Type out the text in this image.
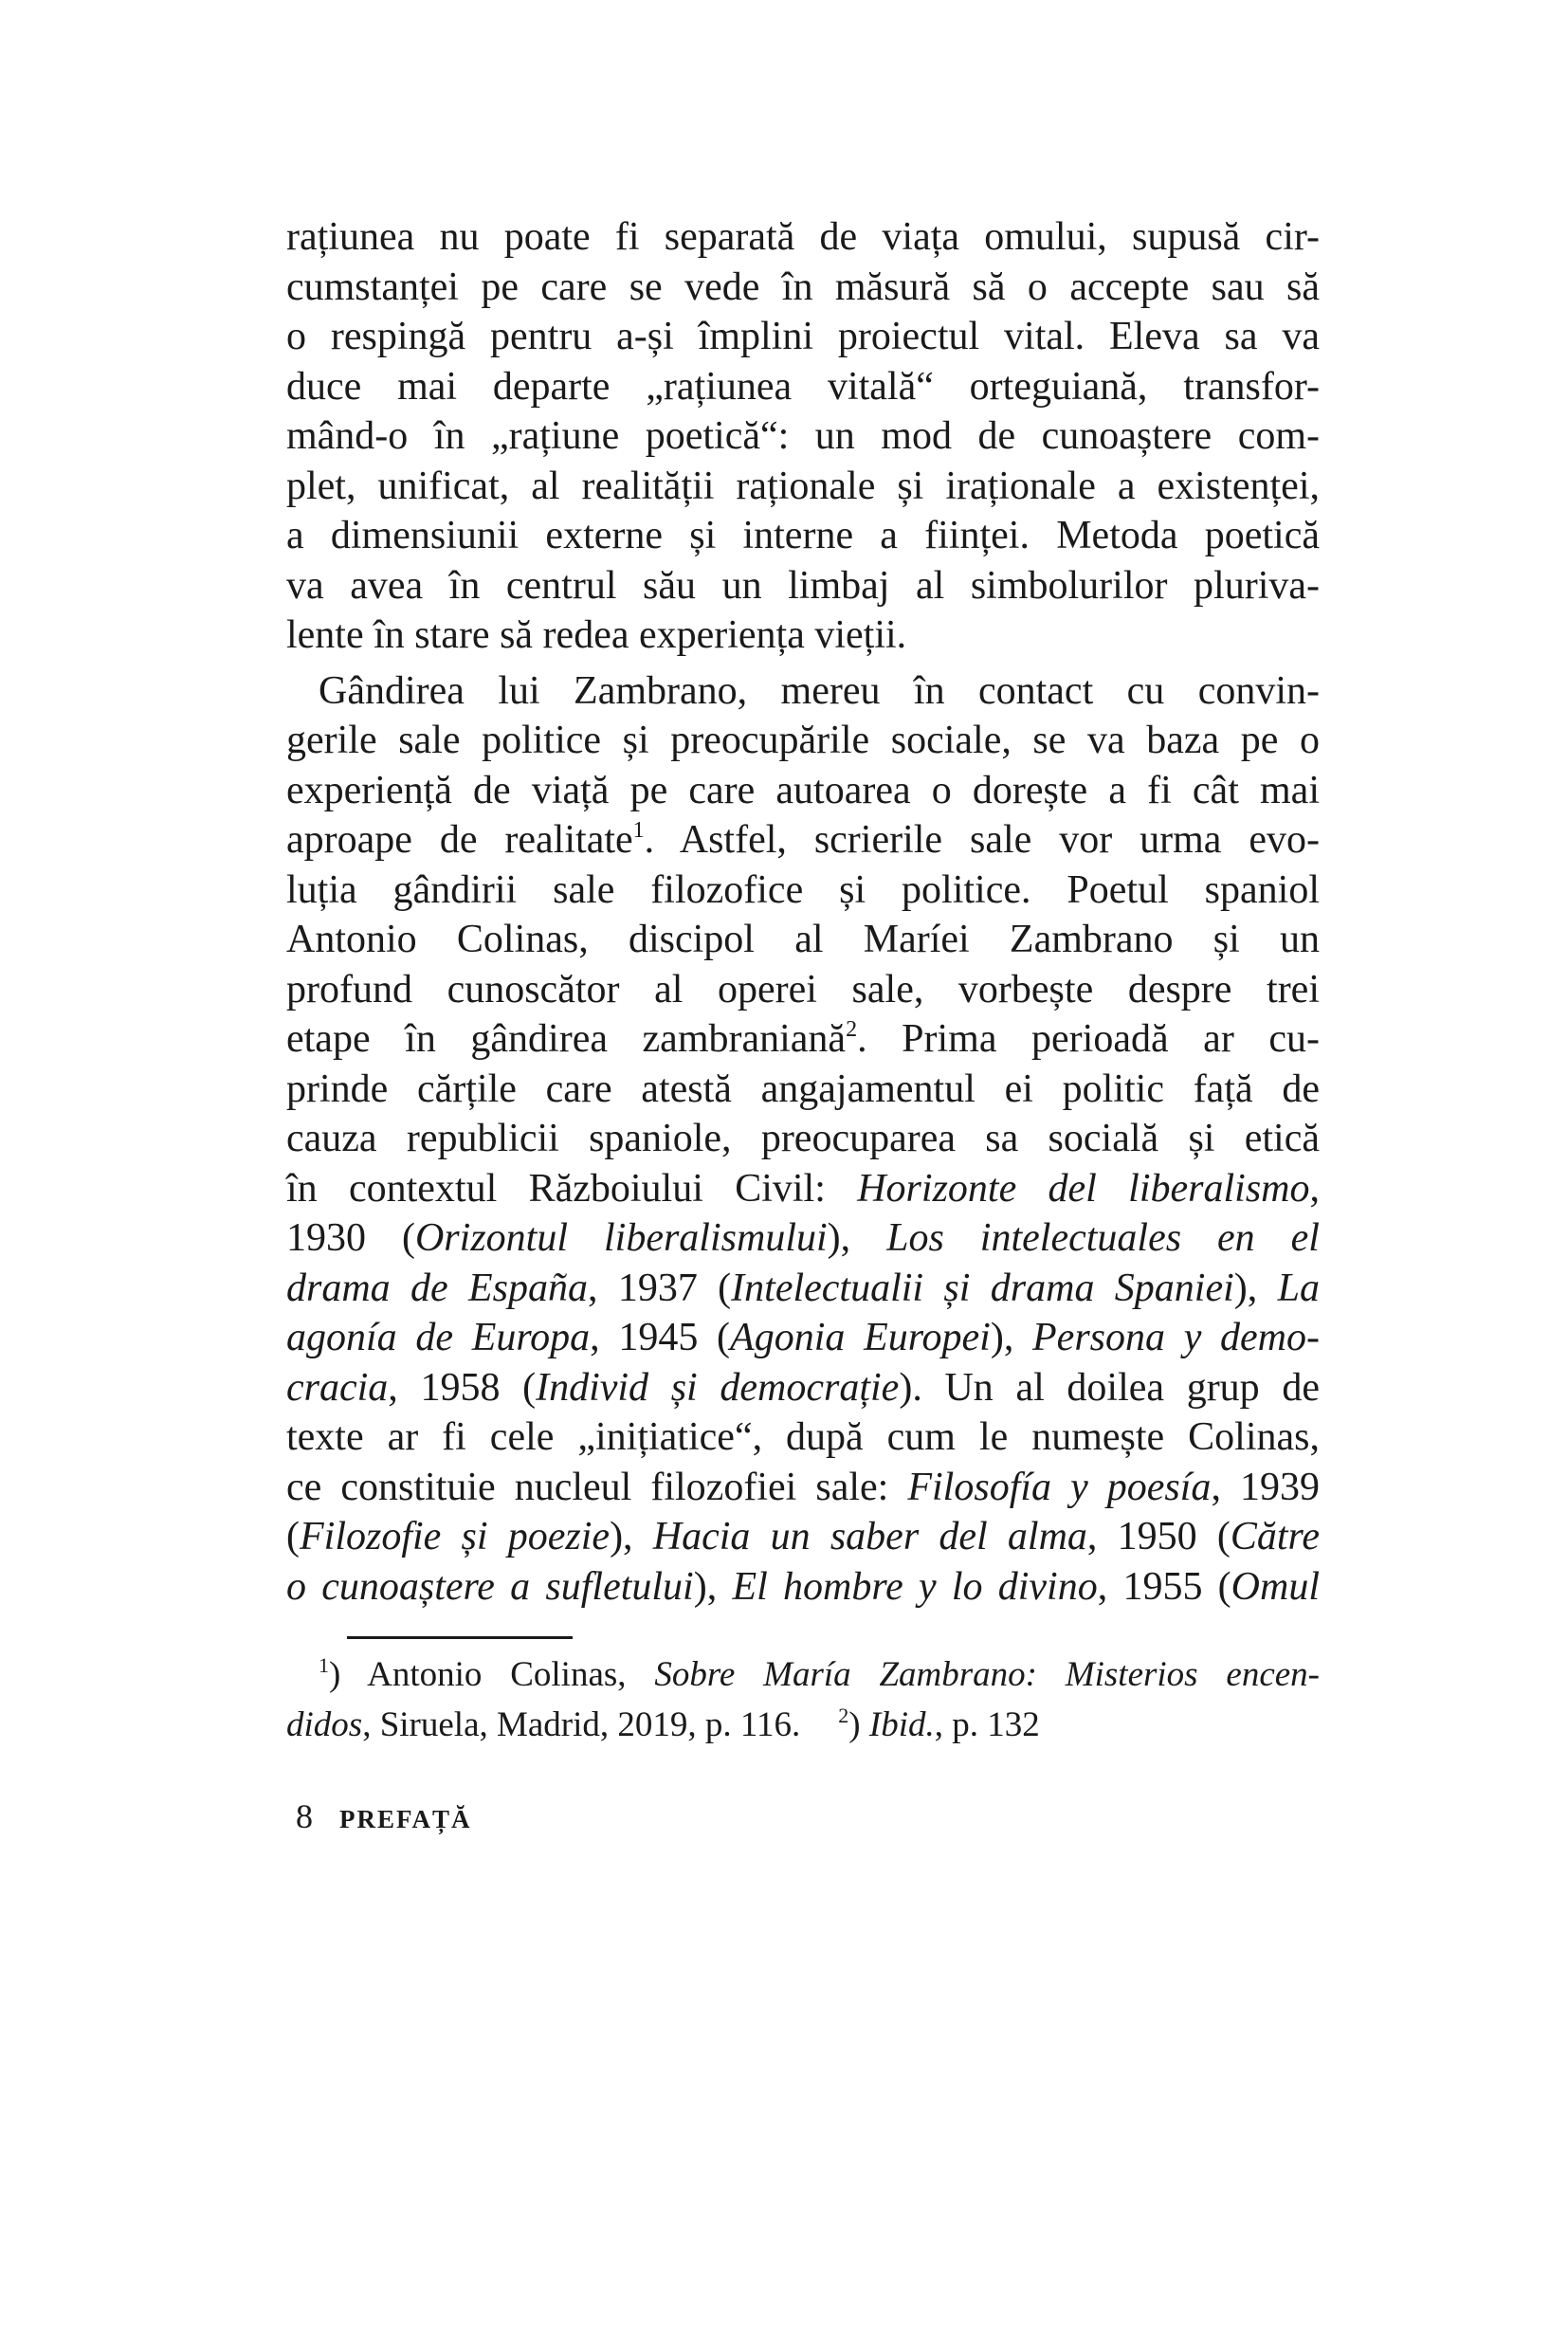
rațiunea nu poate fi separată de viața omului, supusă cir-
cumstanței pe care se vede în măsură să o accepte sau să
o respingă pentru a-și împlini proiectul vital. Eleva sa va
duce mai departe „rațiunea vitală“ orteguiană, transfor-
mând-o în „rațiune poetică“: un mod de cunoaștere com-
plet, unificat, al realității raționale și iraționale a existenței,
a dimensiunii externe și interne a ființei. Metoda poetică
va avea în centrul său un limbaj al simbolurilor pluriva-
lente în stare să redea experiența vieții.
Gândirea lui Zambrano, mereu în contact cu convin-
gerile sale politice și preocupările sociale, se va baza pe o
experiență de viață pe care autoarea o dorește a fi cât mai
aproape de realitate$^1$. Astfel, scrierile sale vor urma evo-
luția gândirii sale filozofice și politice. Poetul spaniol
Antonio Colinas, discipol al Maríei Zambrano și un
profund cunoscător al operei sale, vorbește despre trei
etape în gândirea zambraniană$^2$. Prima perioadă ar cu-
prinde cărțile care atestă angajamentul ei politic față de
cauza republicii spaniole, preocuparea sa socială și etică
în contextul Războiului Civil: Horizonte del liberalismo,
1930 (Orizontul liberalismului), Los intelectuales en el
drama de España, 1937 (Intelectualii și drama Spaniei), La
agonía de Europa, 1945 (Agonia Europei), Persona y demo-
cracia, 1958 (Individ și democrație). Un al doilea grup de
texte ar fi cele „inițiatice“, după cum le numește Colinas,
ce constituie nucleul filozofiei sale: Filosofía y poesía, 1939
(Filozofie și poezie), Hacia un saber del alma, 1950 (Către
o cunoaștere a sufletului), El hombre y lo divino, 1955 (Omul
$^1$) Antonio Colinas, Sobre María Zambrano: Misterios encen-
didos, Siruela, Madrid, 2019, p. 116. $^2$) Ibid., p. 132
8 PREFAȚĂ
